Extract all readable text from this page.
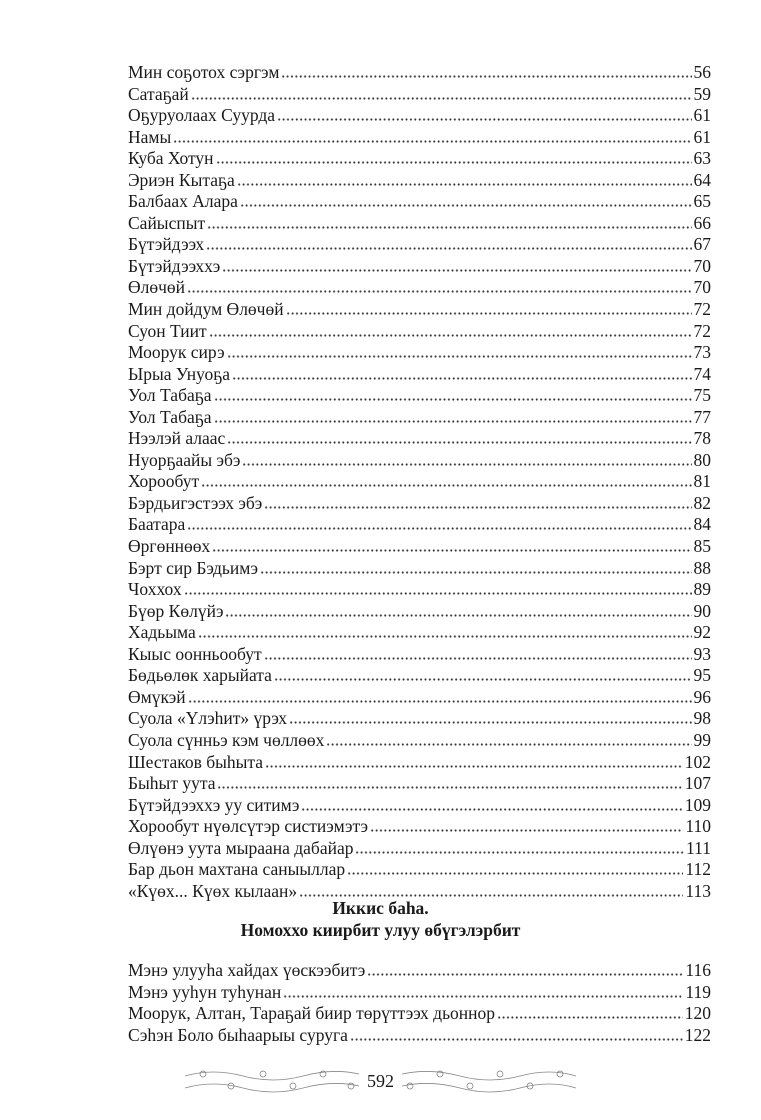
Мин соҕотох сэргэм	56
Сатаҕай	59
Оҕуруолаах Суурда	61
Намы	61
Куба Хотун	63
Эриэн Кытаҕа	64
Балбаах Алара	65
Сайыспыт	66
Бүтэйдээх	67
Бүтэйдээххэ	70
Өлөчөй	70
Мин дойдум Өлөчөй	72
Суон Тиит	72
Моорук сирэ	73
Ырыа Унуоҕа	74
Уол Табаҕа	75
Уол Табаҕа	77
Нээлэй алаас	78
Нуорҕаайы эбэ	80
Хорообут	81
Бэрдьигэстээх эбэ	82
Баатара	84
Өргөннөөх	85
Бэрт сир Бэдьимэ	88
Чоххох	89
Бүөр Көлүйэ	90
Хадьыма	92
Кыыс оонньообут	93
Бөдьөлөк харыйата	95
Өмүкэй	96
Суола «Үлэһит» үрэх	98
Суола сүнньэ кэм чөллөөх	99
Шестаков быһыта	102
Быһыт уута	107
Бүтэйдээххэ уу ситимэ	109
Хорообут нүөлсүтэр систиэмэтэ	110
Өлүөнэ уута мыраана дабайар	111
Бар дьон махтана саныыллар	112
«Күөх... Күөх кылаан»	113
Иккис баһа.
Номоххо киирбит улуу өбүгэлэрбит
Мэнэ улууһа хайдах үөскээбитэ	116
Мэнэ ууһун туһунан	119
Моорук, Алтан, Тараҕай биир төрүттээх дьоннор	120
Сэһэн Боло быһаарыы суруга	122
592
